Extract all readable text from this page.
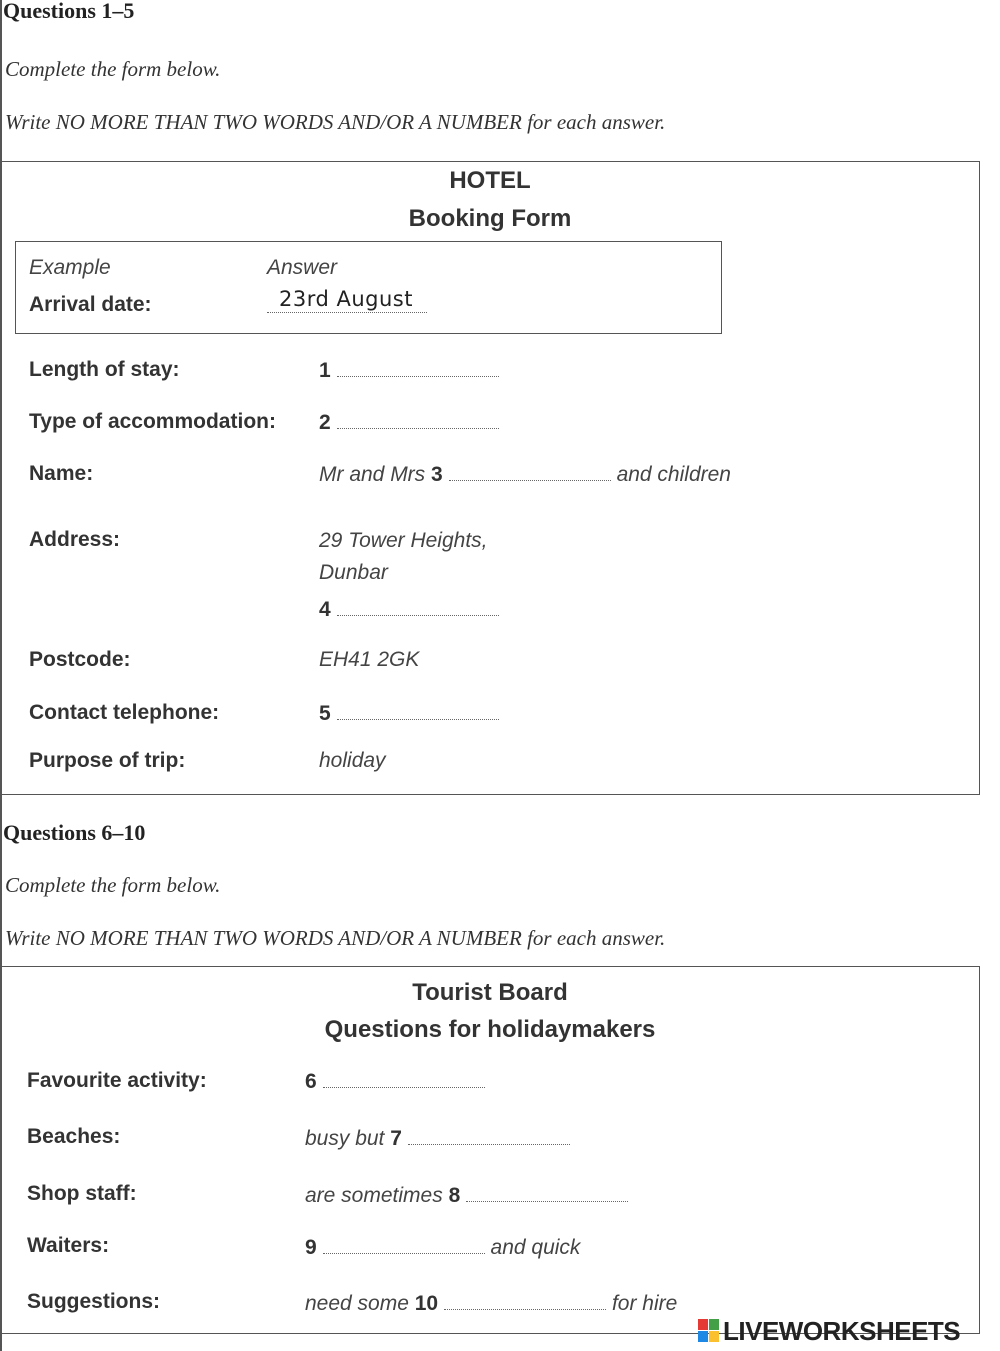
Questions 1–5
Complete the form below.
Write NO MORE THAN TWO WORDS AND/OR A NUMBER for each answer.
HOTEL
Booking Form
Example	Answer
Arrival date:	23rd August
Length of stay:	1
Type of accommodation: 2
Name:	Mr and Mrs 3	and children
Address:	29 Tower Heights,
Dunbar
4
Postcode:	EH41 2GK
Contact telephone:	5
Purpose of trip:	holiday
Questions 6–10
Complete the form below.
Write NO MORE THAN TWO WORDS AND/OR A NUMBER for each answer.
Tourist Board
Questions for holidaymakers
Favourite activity:	6
Beaches:	busy but 7
Shop staff:	are sometimes 8
Waiters:	9	and quick
Suggestions:	need some 10	for hire
LIVEWORKSHEETS
